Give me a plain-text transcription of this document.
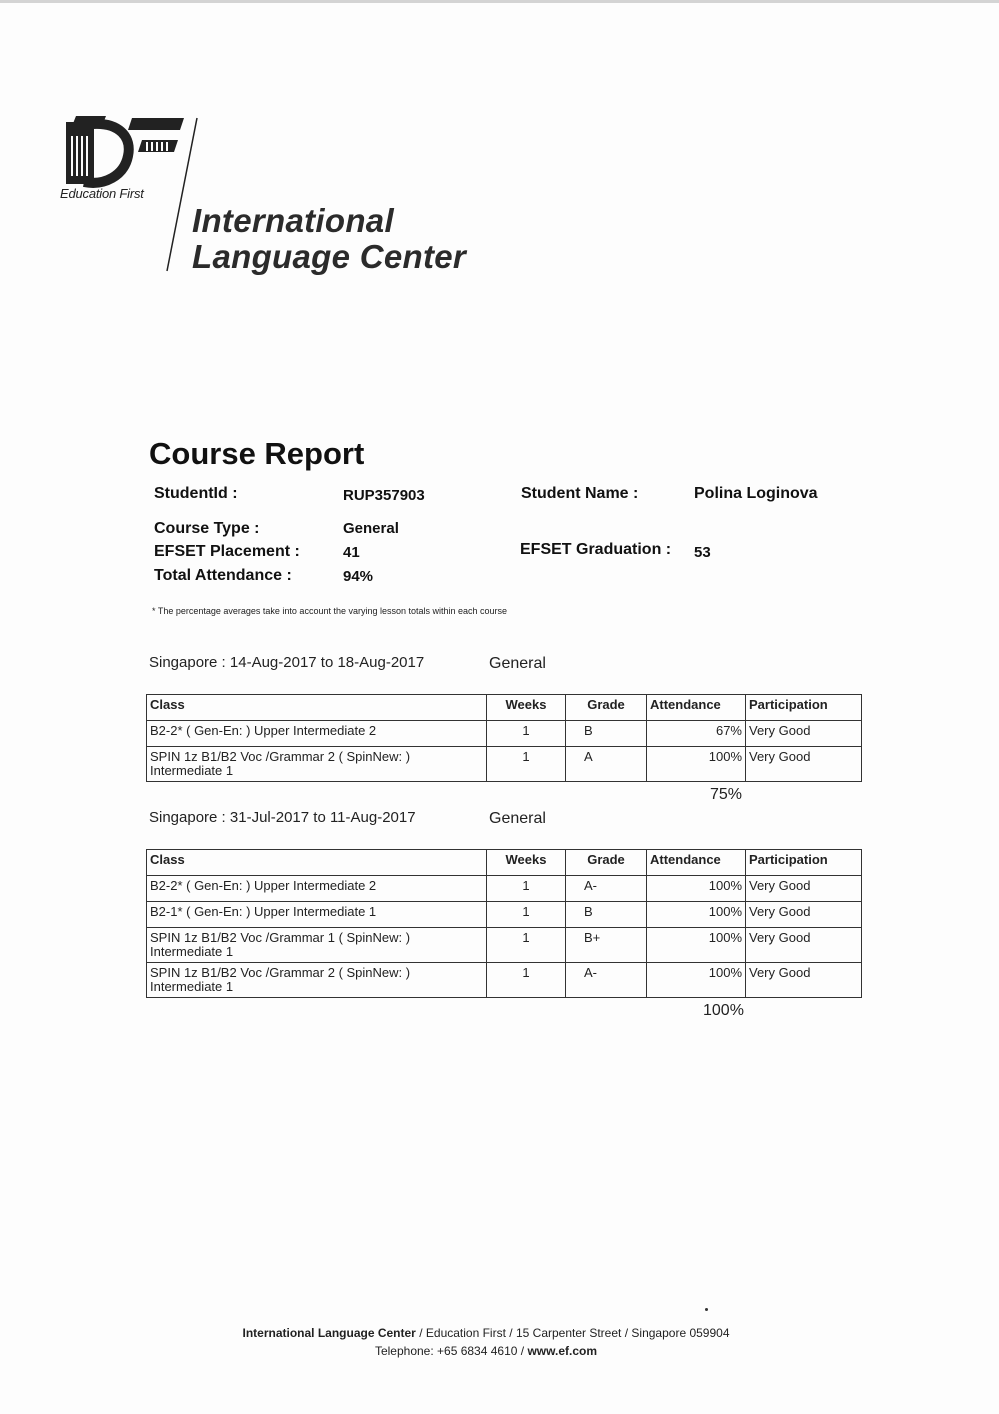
Education First
International
Language Center
Course Report
StudentId :	RUP357903	Student Name :	Polina Loginova
Course Type :	General
EFSET Placement :	41	EFSET Graduation : 53
Total Attendance :	94%
* The percentage averages take into account the varying lesson totals within each course
Singapore : 14-Aug-2017 to 18-Aug-2017	General
Class	Weeks	Grade	Attendance	Participation
B2-2* ( Gen-En: ) Upper Intermediate 2	1	B	67%	Very Good
SPIN 1z B1/B2 Voc /Grammar 2 ( SpinNew: ) Intermediate 1	1	A	100%	Very Good
75%
Singapore : 31-Jul-2017 to 11-Aug-2017	General
Class	Weeks	Grade	Attendance	Participation
B2-2* ( Gen-En: ) Upper Intermediate 2	1	A-	100%	Very Good
B2-1* ( Gen-En: ) Upper Intermediate 1	1	B	100%	Very Good
SPIN 1z B1/B2 Voc /Grammar 1 ( SpinNew: ) Intermediate 1	1	B+	100%	Very Good
SPIN 1z B1/B2 Voc /Grammar 2 ( SpinNew: ) Intermediate 1	1	A-	100%	Very Good
100%
International Language Center / Education First / 15 Carpenter Street / Singapore 059904
Telephone: +65 6834 4610 / www.ef.com
